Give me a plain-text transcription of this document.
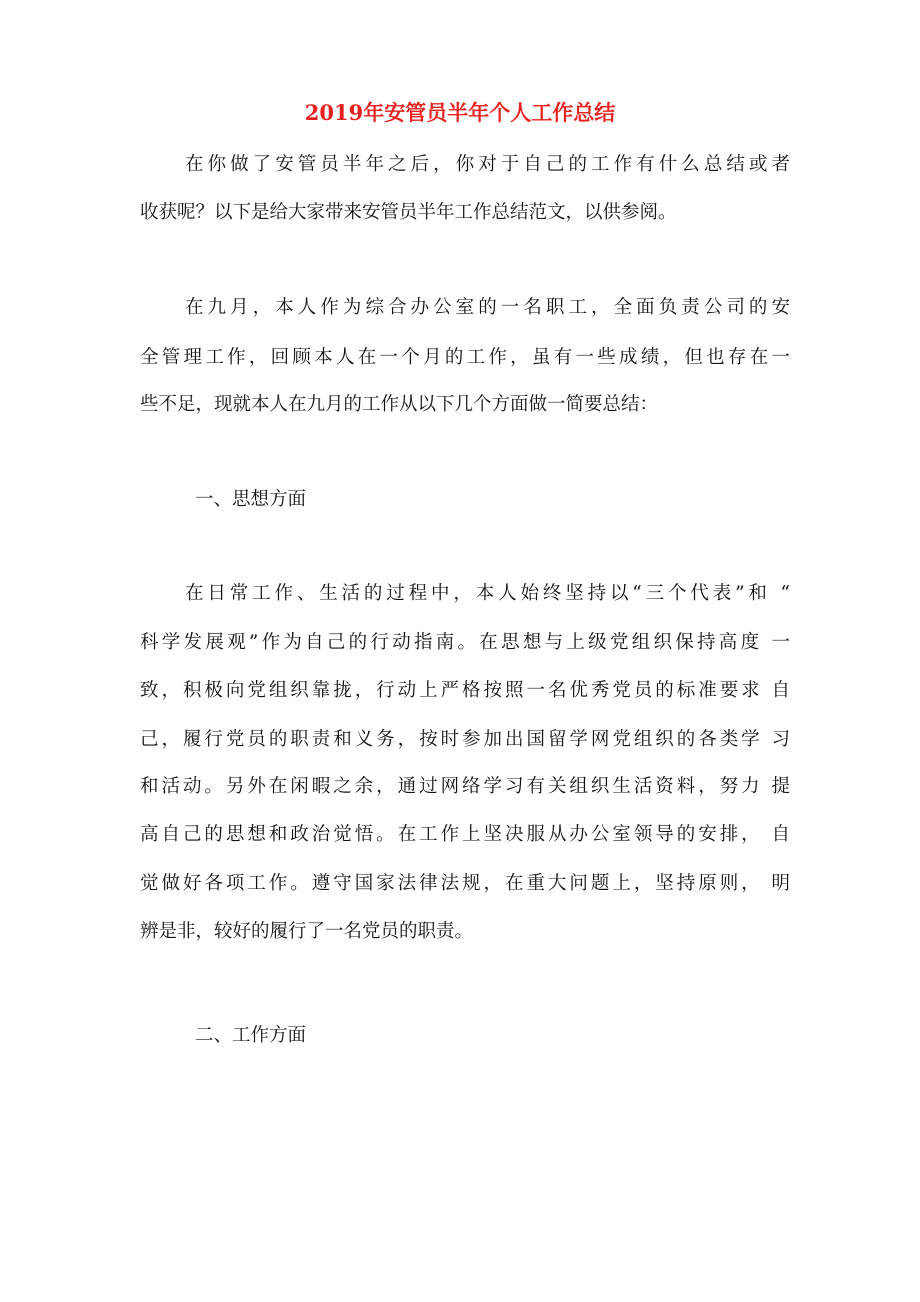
2019年安管员半年个人工作总结

在你做了安管员半年之后，你对于自己的工作有什么总结或者

收获呢？以下是给大家带来安管员半年工作总结范文，以供参阅。

在九月，本人作为综合办公室的一名职工，全面负责公司的安

全管理工作，回顾本人在一个月的工作，虽有一些成绩，但也存在一

些不足，现就本人在九月的工作从以下几个方面做一简要总结：

一、思想方面

在日常工作、生活的过程中，本人始终坚持以“三个代表”和 “

科学发展观”作为自己的行动指南。在思想与上级党组织保持高度 一

致，积极向党组织靠拢，行动上严格按照一名优秀党员的标准要求 自

己，履行党员的职责和义务，按时参加出国留学网党组织的各类学 习

和活动。另外在闲暇之余，通过网络学习有关组织生活资料，努力 提

高自己的思想和政治觉悟。在工作上坚决服从办公室领导的安排， 自

觉做好各项工作。遵守国家法律法规，在重大问题上，坚持原则， 明

辨是非，较好的履行了一名党员的职责。

二、工作方面
